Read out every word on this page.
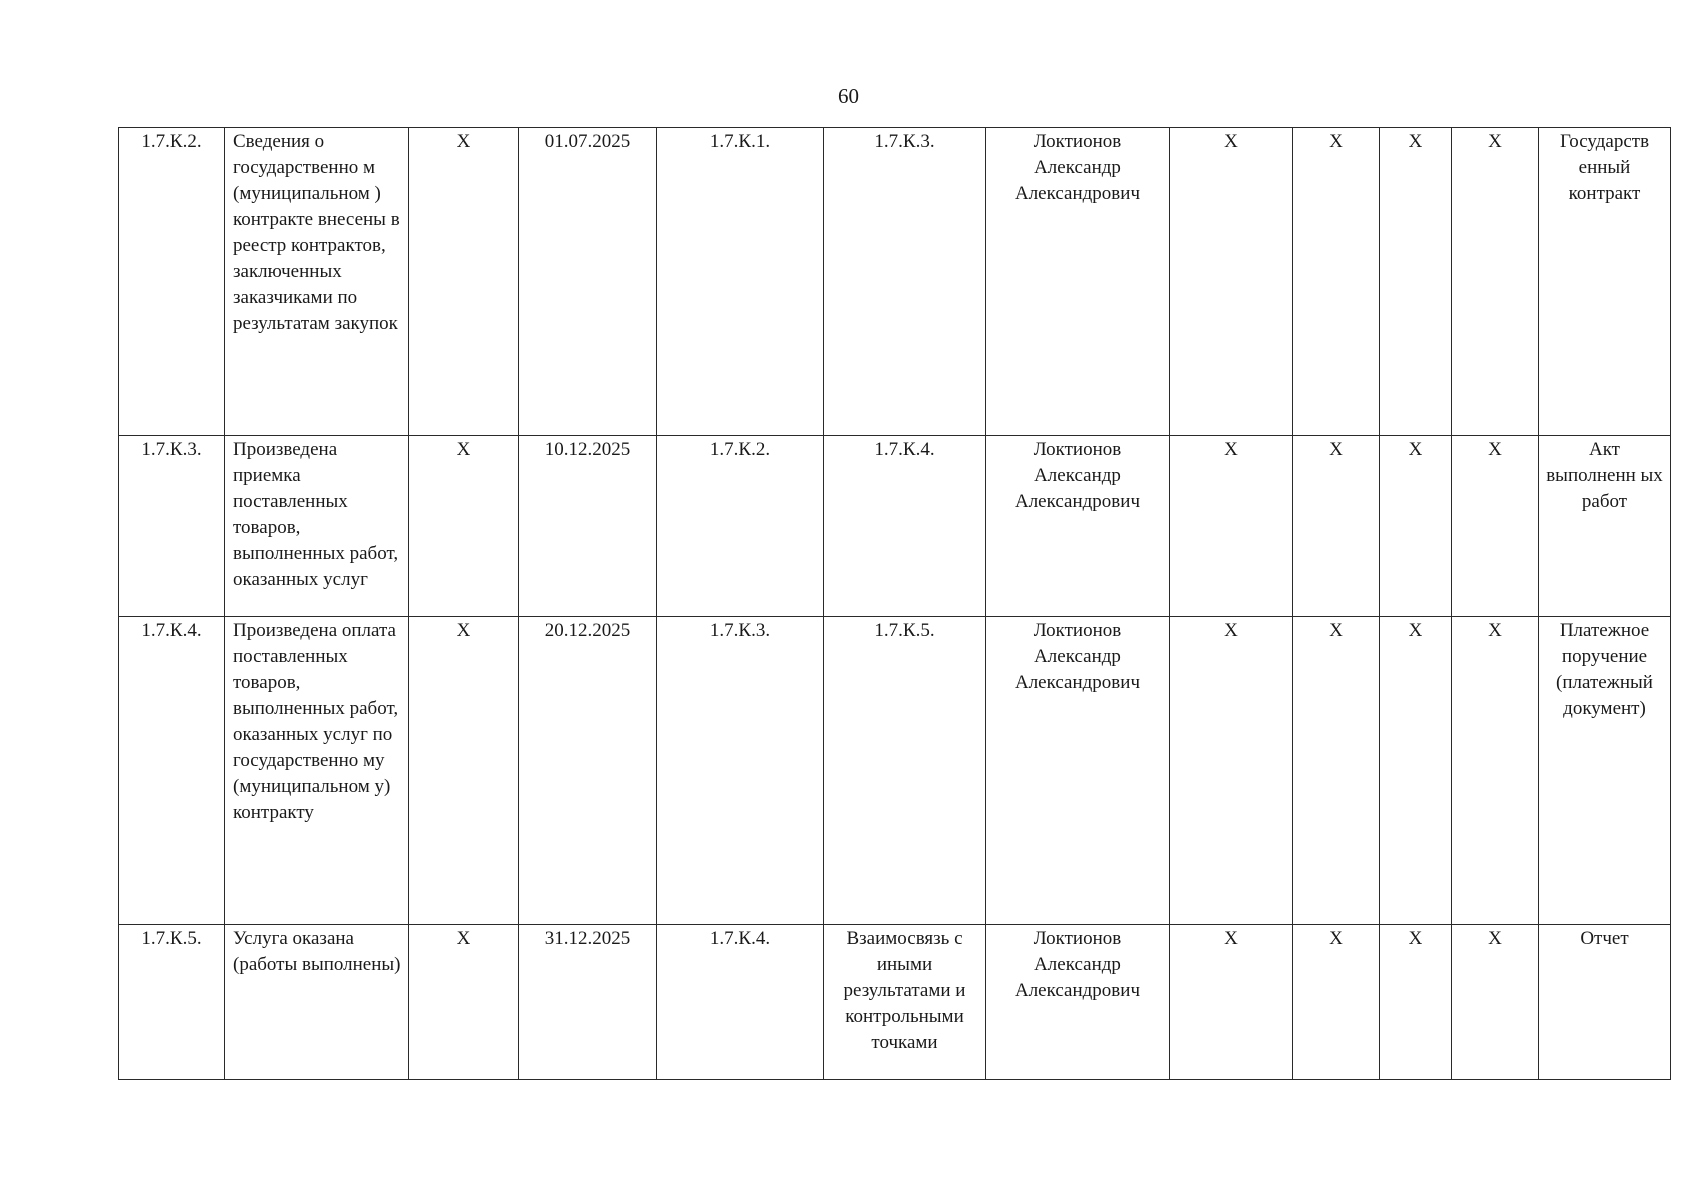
60
1.7.К.2.	Сведения о государственно м (муниципальном ) контракте внесены в реестр контрактов, заключенных заказчиками по результатам закупок	X	01.07.2025	1.7.К.1.	1.7.К.3.	Локтионов Александр Александрович	X	X	X	X	Государств енный контракт
1.7.К.3.	Произведена приемка поставленных товаров, выполненных работ, оказанных услуг	X	10.12.2025	1.7.К.2.	1.7.К.4.	Локтионов Александр Александрович	X	X	X	X	Акт выполненн ых работ
1.7.К.4.	Произведена оплата поставленных товаров, выполненных работ, оказанных услуг по государственно му (муниципальном у) контракту	X	20.12.2025	1.7.К.3.	1.7.К.5.	Локтионов Александр Александрович	X	X	X	X	Платежное поручение (платежный документ)
1.7.К.5.	Услуга оказана (работы выполнены)	X	31.12.2025	1.7.К.4.	Взаимосвязь с иными результатами и контрольными точками	Локтионов Александр Александрович	X	X	X	X	Отчет
